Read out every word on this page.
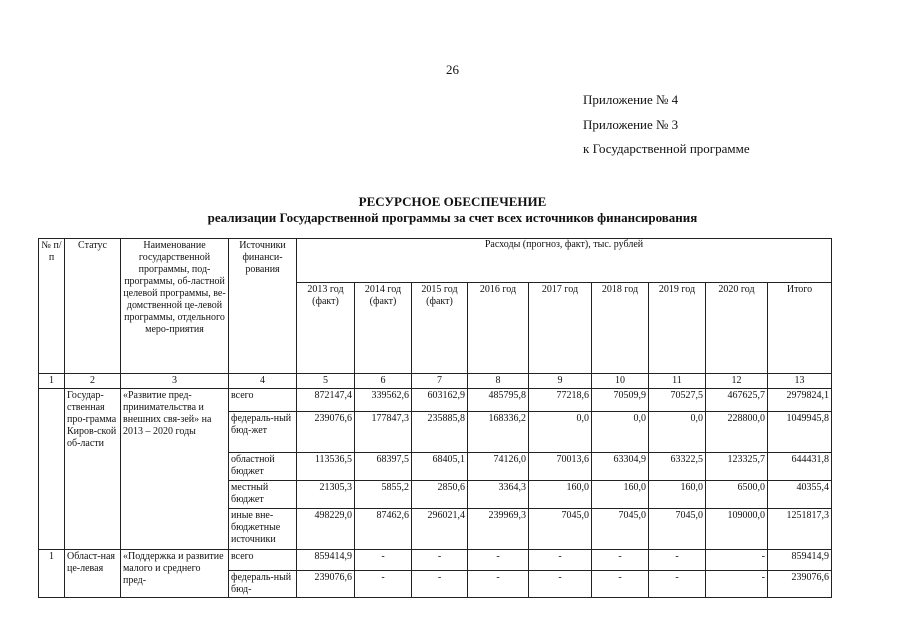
26
Приложение № 4
Приложение № 3
к Государственной программе
РЕСУРСНОЕ ОБЕСПЕЧЕНИЕ
реализации Государственной программы за счет всех источников финансирования
№ п/п	Статус	Наименование государственной программы, под-программы, об-ластной целевой программы, ве-домственной це-левой программы, отдельного меро-приятия	Источники финанси-рования	Расходы (прогноз, факт), тыс. рублей								
				2013 год (факт)	2014 год (факт)	2015 год (факт)	2016 год	2017 год	2018 год	2019 год	2020 год	Итого
1	2	3	4	5	6	7	8	9	10	11	12	13
	Государ-ственная про-грамма Киров-ской об-ласти	«Развитие пред-принимательства и внешних свя-зей» на 2013 – 2020 годы	всего	872147,4	339562,6	603162,9	485795,8	77218,6	70509,9	70527,5	467625,7	2979824,1
			федераль-ный бюд-жет	239076,6	177847,3	235885,8	168336,2	0,0	0,0	0,0	228800,0	1049945,8
			областной бюджет	113536,5	68397,5	68405,1	74126,0	70013,6	63304,9	63322,5	123325,7	644431,8
			местный бюджет	21305,3	5855,2	2850,6	3364,3	160,0	160,0	160,0	6500,0	40355,4
			иные вне-бюджетные источники	498229,0	87462,6	296021,4	239969,3	7045,0	7045,0	7045,0	109000,0	1251817,3
1	Област-ная це-левая	«Поддержка и развитие малого и среднего пред-	всего	859414,9	-	-	-	-	-	-	-	859414,9
			федераль-ный бюд-	239076,6	-	-	-	-	-	-	-	239076,6
